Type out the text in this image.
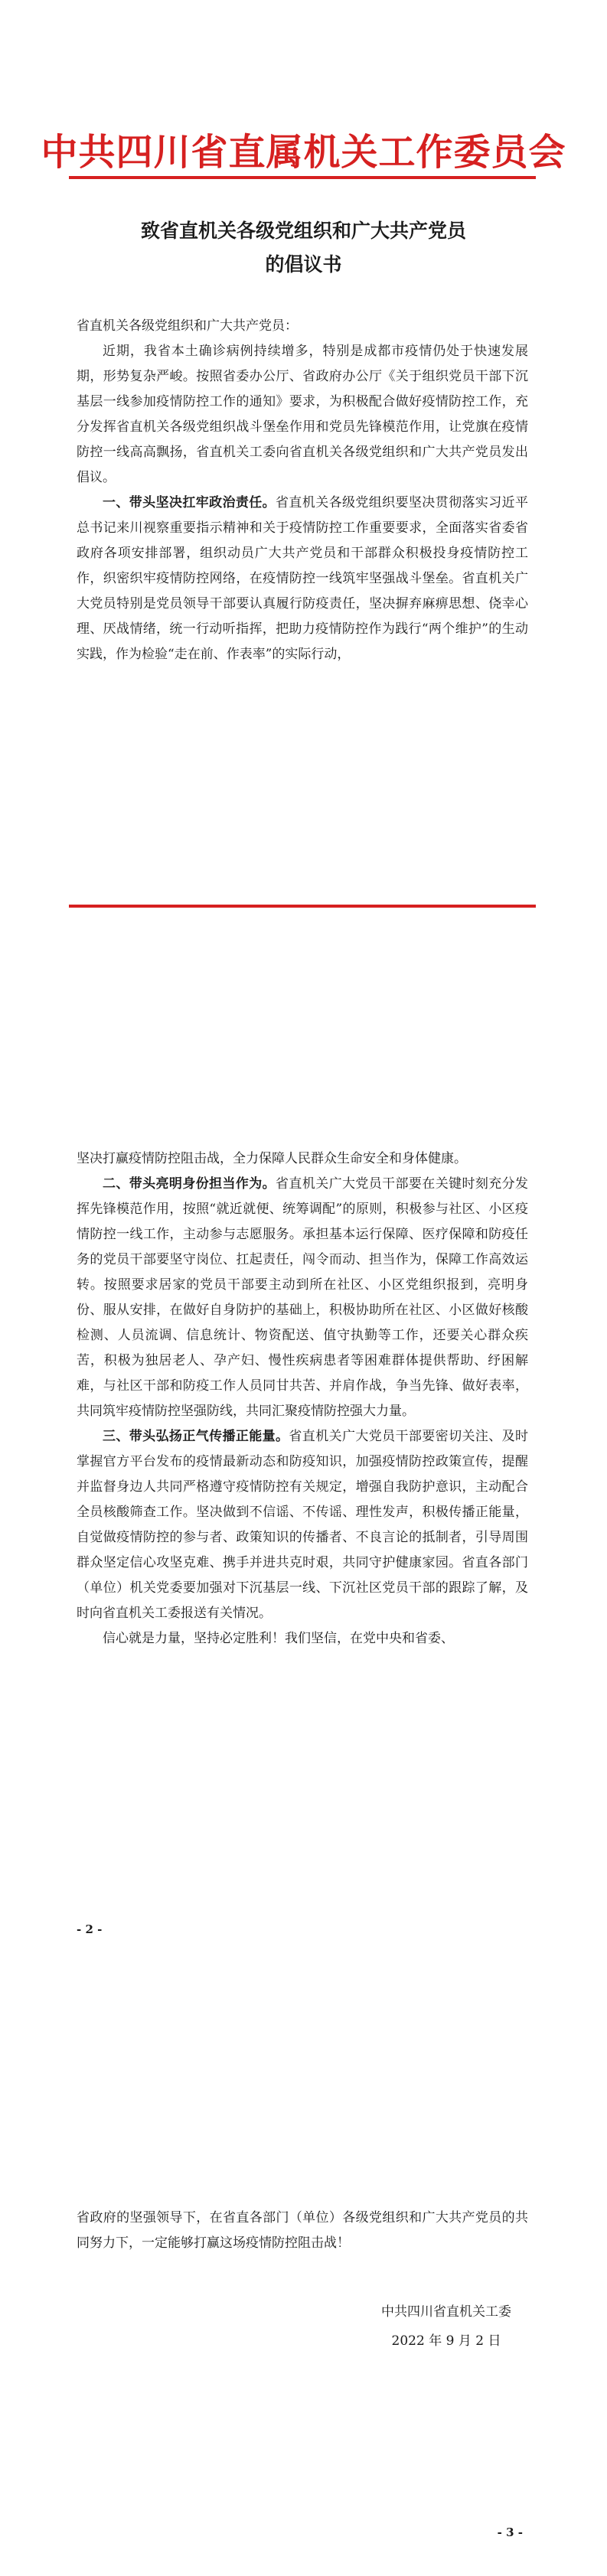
中共四川省直属机关工作委员会
致省直机关各级党组织和广大共产党员
的倡议书

省直机关各级党组织和广大共产党员：

近期，我省本土确诊病例持续增多，特别是成都市疫情仍处于快速发展期，形势复杂严峻。按照省委办公厅、省政府办公厅《关于组织党员干部下沉基层一线参加疫情防控工作的通知》要求，为积极配合做好疫情防控工作，充分发挥省直机关各级党组织战斗堡垒作用和党员先锋模范作用，让党旗在疫情防控一线高高飘扬，省直机关工委向省直机关各级党组织和广大共产党员发出倡议。

一、带头坚决扛牢政治责任。省直机关各级党组织要坚决贯彻落实习近平总书记来川视察重要指示精神和关于疫情防控工作重要要求，全面落实省委省政府各项安排部署，组织动员广大共产党员和干部群众积极投身疫情防控工作，织密织牢疫情防控网络，在疫情防控一线筑牢坚强战斗堡垒。省直机关广大党员特别是党员领导干部要认真履行防疫责任，坚决摒弃麻痹思想、侥幸心理、厌战情绪，统一行动听指挥，把助力疫情防控作为践行“两个维护”的生动实践，作为检验“走在前、作表率”的实际行动，

坚决打赢疫情防控阻击战，全力保障人民群众生命安全和身体健康。

二、带头亮明身份担当作为。省直机关广大党员干部要在关键时刻充分发挥先锋模范作用，按照“就近就便、统筹调配”的原则，积极参与社区、小区疫情防控一线工作，主动参与志愿服务。承担基本运行保障、医疗保障和防疫任务的党员干部要坚守岗位、扛起责任，闯令而动、担当作为，保障工作高效运转。按照要求居家的党员干部要主动到所在社区、小区党组织报到，亮明身份、服从安排，在做好自身防护的基础上，积极协助所在社区、小区做好核酸检测、人员流调、信息统计、物资配送、值守执勤等工作，还要关心群众疾苦，积极为独居老人、孕产妇、慢性疾病患者等困难群体提供帮助、纾困解难，与社区干部和防疫工作人员同甘共苦、并肩作战，争当先锋、做好表率，共同筑牢疫情防控坚强防线，共同汇聚疫情防控强大力量。

三、带头弘扬正气传播正能量。省直机关广大党员干部要密切关注、及时掌握官方平台发布的疫情最新动态和防疫知识，加强疫情防控政策宣传，提醒并监督身边人共同严格遵守疫情防控有关规定，增强自我防护意识，主动配合全员核酸筛查工作。坚决做到不信谣、不传谣、理性发声，积极传播正能量，自觉做疫情防控的参与者、政策知识的传播者、不良言论的抵制者，引导周围群众坚定信心攻坚克难、携手并进共克时艰，共同守护健康家园。省直各部门（单位）机关党委要加强对下沉基层一线、下沉社区党员干部的跟踪了解，及时向省直机关工委报送有关情况。

信心就是力量，坚持必定胜利！我们坚信，在党中央和省委、

- 2 -

省政府的坚强领导下，在省直各部门（单位）各级党组织和广大共产党员的共同努力下，一定能够打赢这场疫情防控阻击战！

中共四川省直机关工委
2022 年 9 月 2 日
- 3 -
